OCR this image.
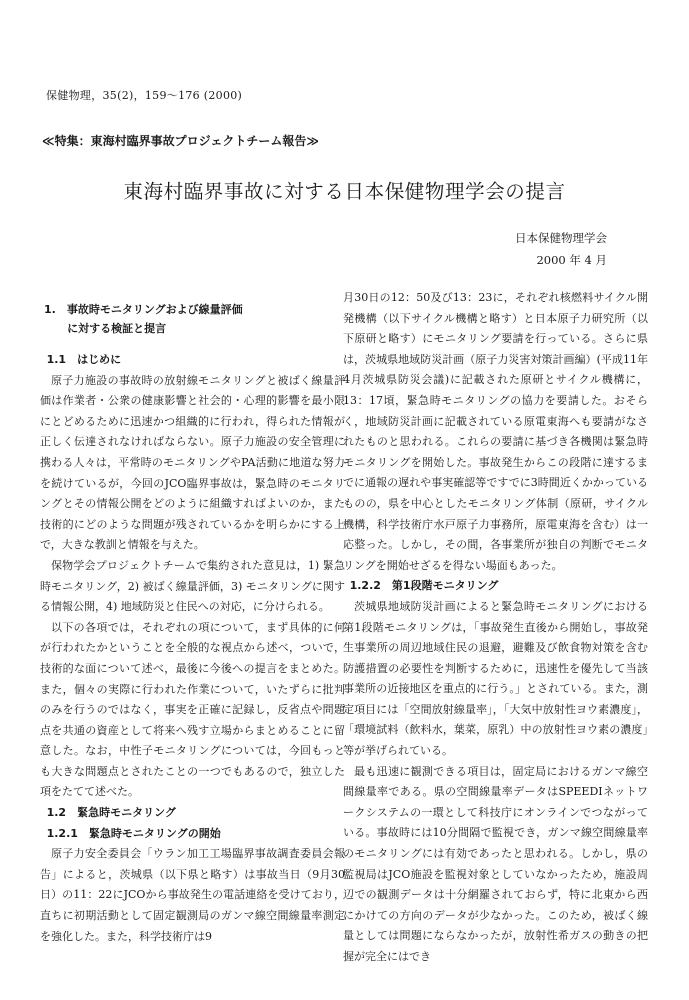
保健物理，35(2)，159〜176 (2000)
≪特集：東海村臨界事故プロジェクトチーム報告≫
東海村臨界事故に対する日本保健物理学会の提言
日本保健物理学会
2000 年 4 月
1.　 事故時モニタリングおよび線量評価
に対する検証と提言
1.1　はじめに

原子力施設の事故時の放射線モニタリングと被ばく線量評価は作業者・公衆の健康影響と社会的・心理的影響を最小限にとどめるために迅速かつ組織的に行われ，得られた情報が正しく伝達されなければならない。原子力施設の安全管理に携わる人々は，平常時のモニタリングやPA活動に地道な努力を続けているが，今回のJCO臨界事故は，緊急時のモニタリングとその情報公開をどのように組織すればよいのか，また技術的にどのような問題が残されているかを明らかにする上で，大きな教訓と情報を与えた。

保物学会プロジェクトチームで集約された意見は，1) 緊急時モニタリング，2) 被ばく線量評価，3) モニタリングに関する情報公開，4) 地域防災と住民への対応，に分けられる。

以下の各項では，それぞれの項について，まず具体的に何が行われたかということを全般的な視点から述べ，ついで，技術的な面について述べ，最後に今後への提言をまとめた。また，個々の実際に行われた作業について，いたずらに批判のみを行うのではなく，事実を正確に記録し，反省点や問題点を共通の資産として将来へ残す立場からまとめることに留意した。なお，中性子モニタリングについては，今回もっとも大きな問題点とされたことの一つでもあるので，独立した項をたてて述べた。

1.2　緊急時モニタリング
1.2.1　緊急時モニタリングの開始

原子力安全委員会「ウラン加工工場臨界事故調査委員会報告」によると，茨城県（以下県と略す）は事故当日（9月30日）の11：22にJCOから事故発生の電話連絡を受けており，直ちに初期活動として固定観測局のガンマ線空間線量率測定を強化した。また，科学技術庁は9

月30日の12：50及び13：23に，それぞれ核燃料サイクル開発機構（以下サイクル機構と略す）と日本原子力研究所（以下原研と略す）にモニタリング要請を行っている。さらに県は，茨城県地域防災計画（原子力災害対策計画編）(平成11年4月茨城県防災会議)に記載された原研とサイクル機構に，13：17頃，緊急時モニタリングの協力を要請した。おそらく，地域防災計画に記載されている原電東海へも要請がなされたものと思われる。これらの要請に基づき各機関は緊急時モニタリングを開始した。事故発生からこの段階に達するまでに通報の遅れや事実確認等ですでに3時間近くかかっているものの，県を中心としたモニタリング体制（原研，サイクル機構，科学技術庁水戸原子力事務所，原電東海を含む）は一応整った。しかし，その間，各事業所が独自の判断でモニタリングを開始せざるを得ない場面もあった。

1.2.2　第1段階モニタリング

茨城県地域防災計画によると緊急時モニタリングにおける第1段階モニタリングは，「事故発生直後から開始し，事故発生事業所の周辺地域住民の退避，避難及び飲食物対策を含む防護措置の必要性を判断するために，迅速性を優先して当該事業所の近接地区を重点的に行う。」とされている。また，測定項目には「空間放射線量率」，「大気中放射性ヨウ素濃度」，「環境試料（飲料水，葉菜，原乳）中の放射性ヨウ素の濃度」等が挙げられている。

最も迅速に観測できる項目は，固定局におけるガンマ線空間線量率である。県の空間線量率データはSPEEDIネットワークシステムの一環として科技庁にオンラインでつながっている。事故時には10分間隔で監視でき，ガンマ線空間線量率のモニタリングには有効であったと思われる。しかし，県の監視局はJCO施設を監視対象としていなかったため，施設周辺での観測データは十分網羅されておらず，特に北東から西にかけての方向のデータが少なかった。このため，被ばく線量としては問題にならなかったが，放射性希ガスの動きの把握が完全にはでき
